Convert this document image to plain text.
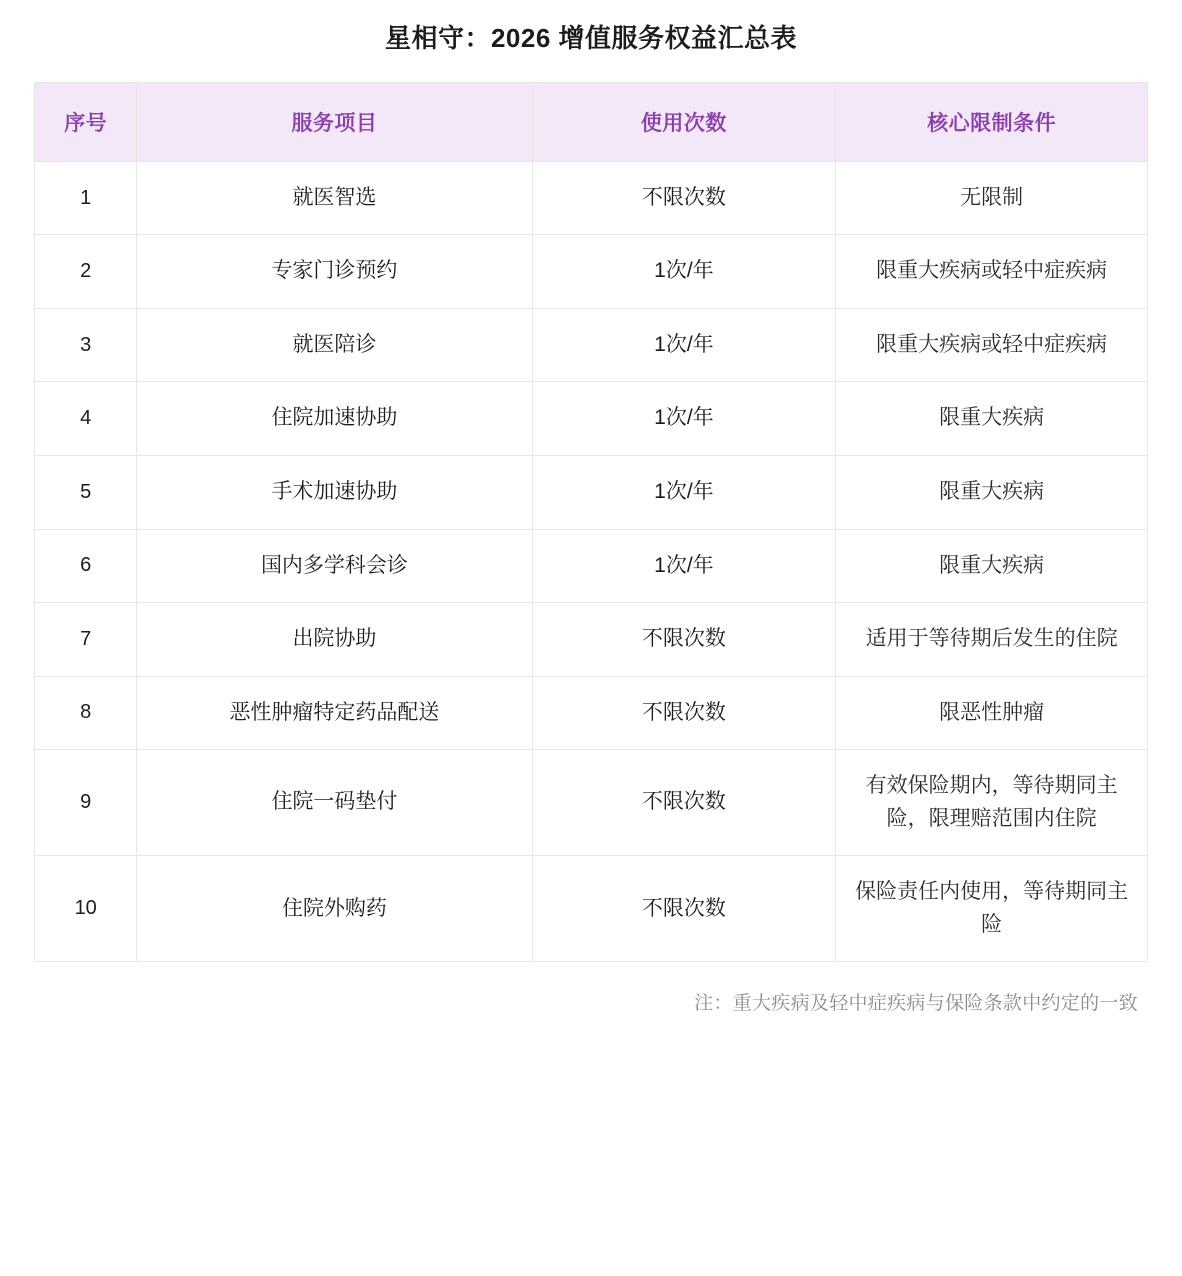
星相守：2026 增值服务权益汇总表
序号	服务项目	使用次数	核心限制条件
1	就医智选	不限次数	无限制
2	专家门诊预约	1次/年	限重大疾病或轻中症疾病
3	就医陪诊	1次/年	限重大疾病或轻中症疾病
4	住院加速协助	1次/年	限重大疾病
5	手术加速协助	1次/年	限重大疾病
6	国内多学科会诊	1次/年	限重大疾病
7	出院协助	不限次数	适用于等待期后发生的住院
8	恶性肿瘤特定药品配送	不限次数	限恶性肿瘤
9	住院一码垫付	不限次数	有效保险期内，等待期同主险，限理赔范围内住院
10	住院外购药	不限次数	保险责任内使用，等待期同主险
注：重大疾病及轻中症疾病与保险条款中约定的一致
